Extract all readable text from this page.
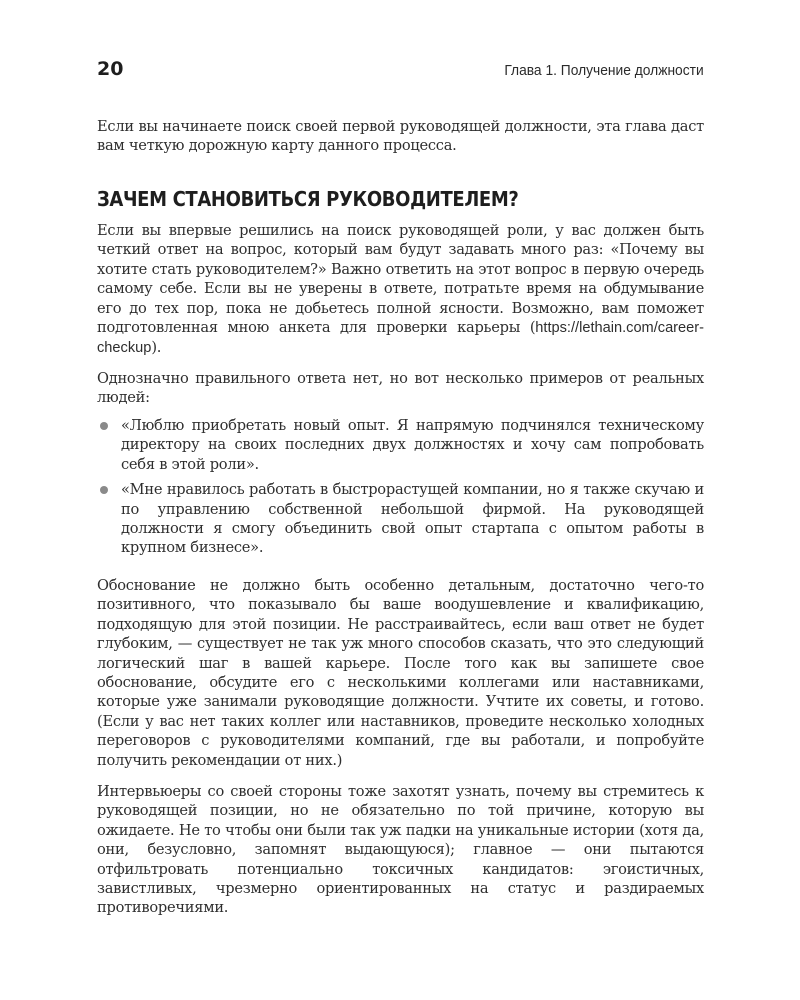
20	Глава 1. Получение должности

Если вы начинаете поиск своей первой руководящей должности, эта глава даст вам четкую дорожную карту данного процесса.

ЗАЧЕМ СТАНОВИТЬСЯ РУКОВОДИТЕЛЕМ?

Если вы впервые решились на поиск руководящей роли, у вас должен быть четкий ответ на вопрос, который вам будут задавать много раз: «Почему вы хотите стать руководителем?» Важно ответить на этот вопрос в первую очередь самому себе. Если вы не уверены в ответе, потратьте время на обдумывание его до тех пор, пока не добьетесь полной ясности. Возможно, вам поможет подготовленная мною анкета для проверки карьеры (https://lethain.com/career-checkup).

Однозначно правильного ответа нет, но вот несколько примеров от реальных людей:

«Люблю приобретать новый опыт. Я напрямую подчинялся техническому директору на своих последних двух должностях и хочу сам попробовать себя в этой роли».
«Мне нравилось работать в быстрорастущей компании, но я также скучаю и по управлению собственной небольшой фирмой. На руководящей должности я смогу объединить свой опыт стартапа с опытом работы в крупном бизнесе».

Обоснование не должно быть особенно детальным, достаточно чего-то позитивного, что показывало бы ваше воодушевление и квалификацию, подходящую для этой позиции. Не расстраивайтесь, если ваш ответ не будет глубоким, — существует не так уж много способов сказать, что это следующий логический шаг в вашей карьере. После того как вы запишете свое обоснование, обсудите его с несколькими коллегами или наставниками, которые уже занимали руководящие должности. Учтите их советы, и готово. (Если у вас нет таких коллег или наставников, проведите несколько холодных переговоров с руководителями компаний, где вы работали, и попробуйте получить рекомендации от них.)

Интервьюеры со своей стороны тоже захотят узнать, почему вы стремитесь к руководящей позиции, но не обязательно по той причине, которую вы ожидаете. Не то чтобы они были так уж падки на уникальные истории (хотя да, они, безусловно, запомнят выдающуюся); главное — они пытаются отфильтровать потенциально токсичных кандидатов: эгоистичных, завистливых, чрезмерно ориентированных на статус и раздираемых противоречиями.
